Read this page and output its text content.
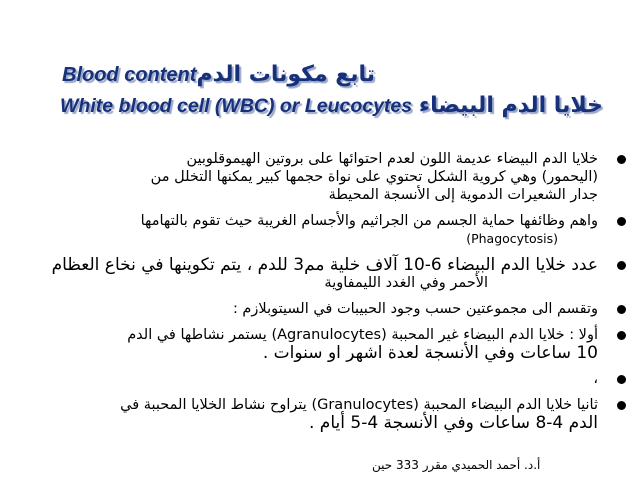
Blood contentتابع مكونات الدم
White blood cell (WBC) or Leucocytes خلايا الدم البيضاء
خلايا الدم البيضاء عديمة اللون لعدم احتوائها على بروتين الهيموقلوبين
(اليحمور) وهي كروية الشكل تحتوي على نواة حجمها كبير يمكنها التخلل من
جدار الشعيرات الدموية إلى الأنسجة المحيطة
واهم وظائفها حماية الجسم من الجراثيم والأجسام الغريبة حيث تقوم بالتهامها
(Phagocytosis)
عدد خلايا الدم البيضاء 6-10 آلاف خلية مم3 للدم ، يتم تكوينها في نخاع العظام
الأحمر وفي الغدد الليمفاوية
وتقسم الى مجموعتين حسب وجود الحبيبات في السيتوبلازم :
أولا : خلايا الدم البيضاء غير المحببة (Agranulocytes) يستمر نشاطها في الدم
10 ساعات وفي الأنسجة لعدة اشهر او سنوات .
،
ثانيا خلايا الدم البيضاء المحببة (Granulocytes) يتراوح نشاط الخلايا المحببة في
الدم 4-8 ساعات وفي الأنسجة 4-5 أيام .
أ.د. أحمد الحميدي مقرر 333 حين
